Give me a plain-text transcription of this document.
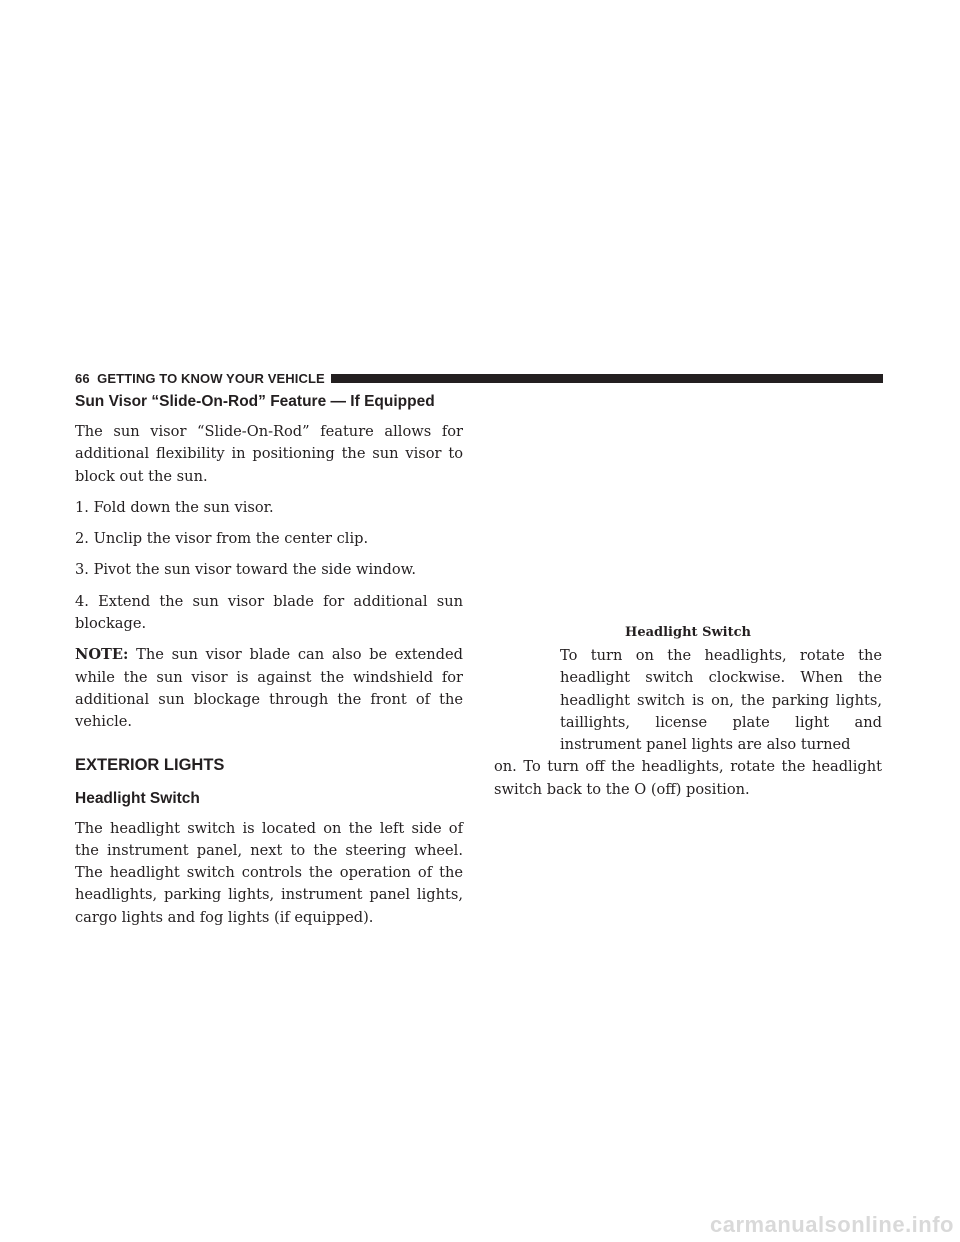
66 GETTING TO KNOW YOUR VEHICLE
Sun Visor “Slide-On-Rod” Feature — If Equipped

The sun visor “Slide-On-Rod” feature allows for additional flexibility in positioning the sun visor to block out the sun.

1. Fold down the sun visor.

2. Unclip the visor from the center clip.

3. Pivot the sun visor toward the side window.

4. Extend the sun visor blade for additional sun blockage.

NOTE: The sun visor blade can also be extended while the sun visor is against the windshield for additional sun blockage through the front of the vehicle.

EXTERIOR LIGHTS
Headlight Switch

The headlight switch is located on the left side of the instrument panel, next to the steering wheel. The headlight switch controls the operation of the headlights, parking lights, instrument panel lights, cargo lights and fog lights (if equipped).

Headlight Switch
To turn on the headlights, rotate the headlight switch clockwise. When the headlight switch is on, the parking lights, taillights, license plate light and instrument panel lights are also turned
on. To turn off the headlights, rotate the headlight switch back to the O (off) position.
carmanualsonline.info
